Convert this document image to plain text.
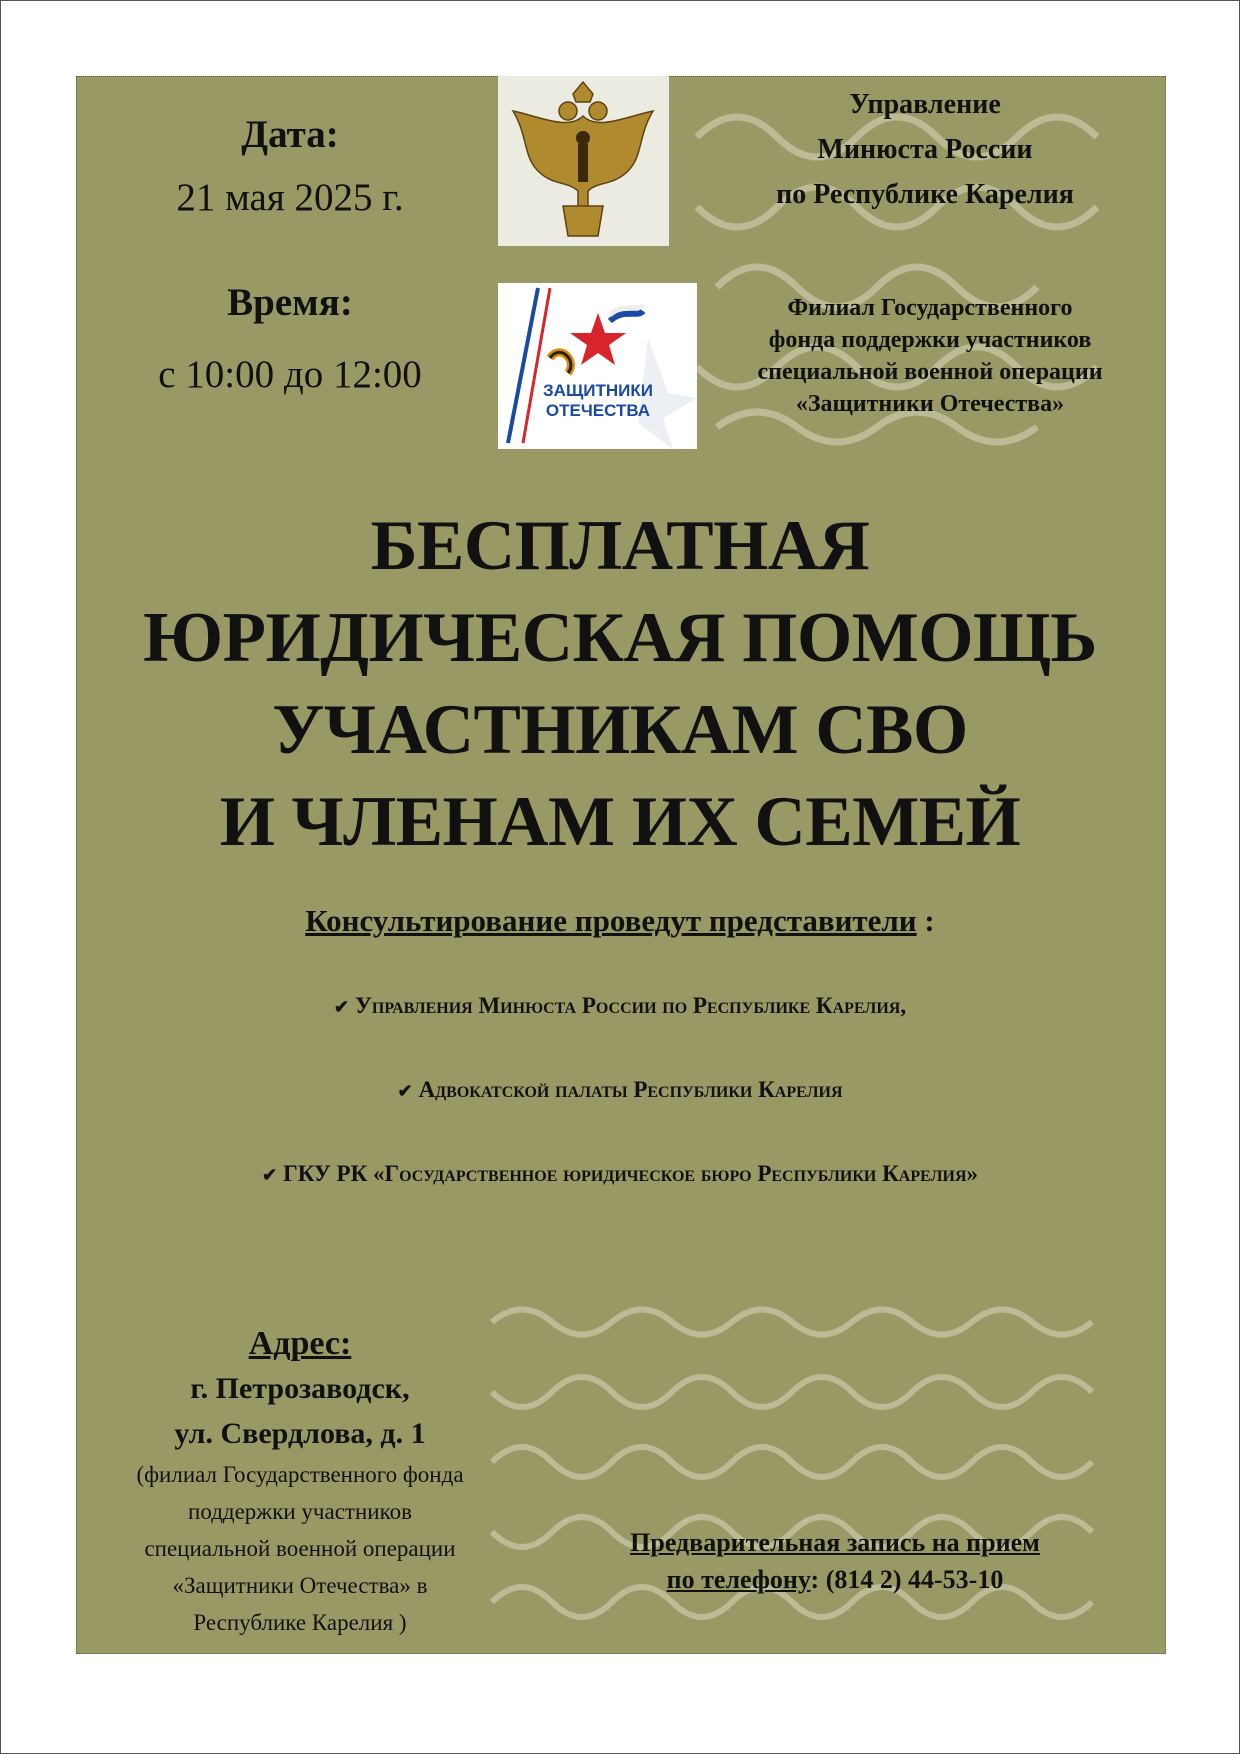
Дата:
21 мая 2025 г.
Время:
с 10:00 до 12:00	ЗАЩИТНИКИ
ОТЕЧЕСТВА
Управление
Минюста России
по Республике Карелия
Филиал Государственного
фонда поддержки участников
специальной военной операции
«Защитники Отечества»
БЕСПЛАТНАЯ
ЮРИДИЧЕСКАЯ ПОМОЩЬ
УЧАСТНИКАМ СВО
И ЧЛЕНАМ ИХ СЕМЕЙ
Консультирование проведут представители :
✔ Управления Минюста России по Республике Карелия,
✔ Адвокатской палаты Республики Карелия
✔ ГКУ РК «Государственное юридическое бюро Республики Карелия»
Адрес:
г. Петрозаводск,
ул. Свердлова, д. 1
(филиал Государственного фонда
поддержки участников
специальной военной операции
«Защитники Отечества» в
Республике Карелия )
Предварительная запись на прием
по телефону: (814 2) 44-53-10
